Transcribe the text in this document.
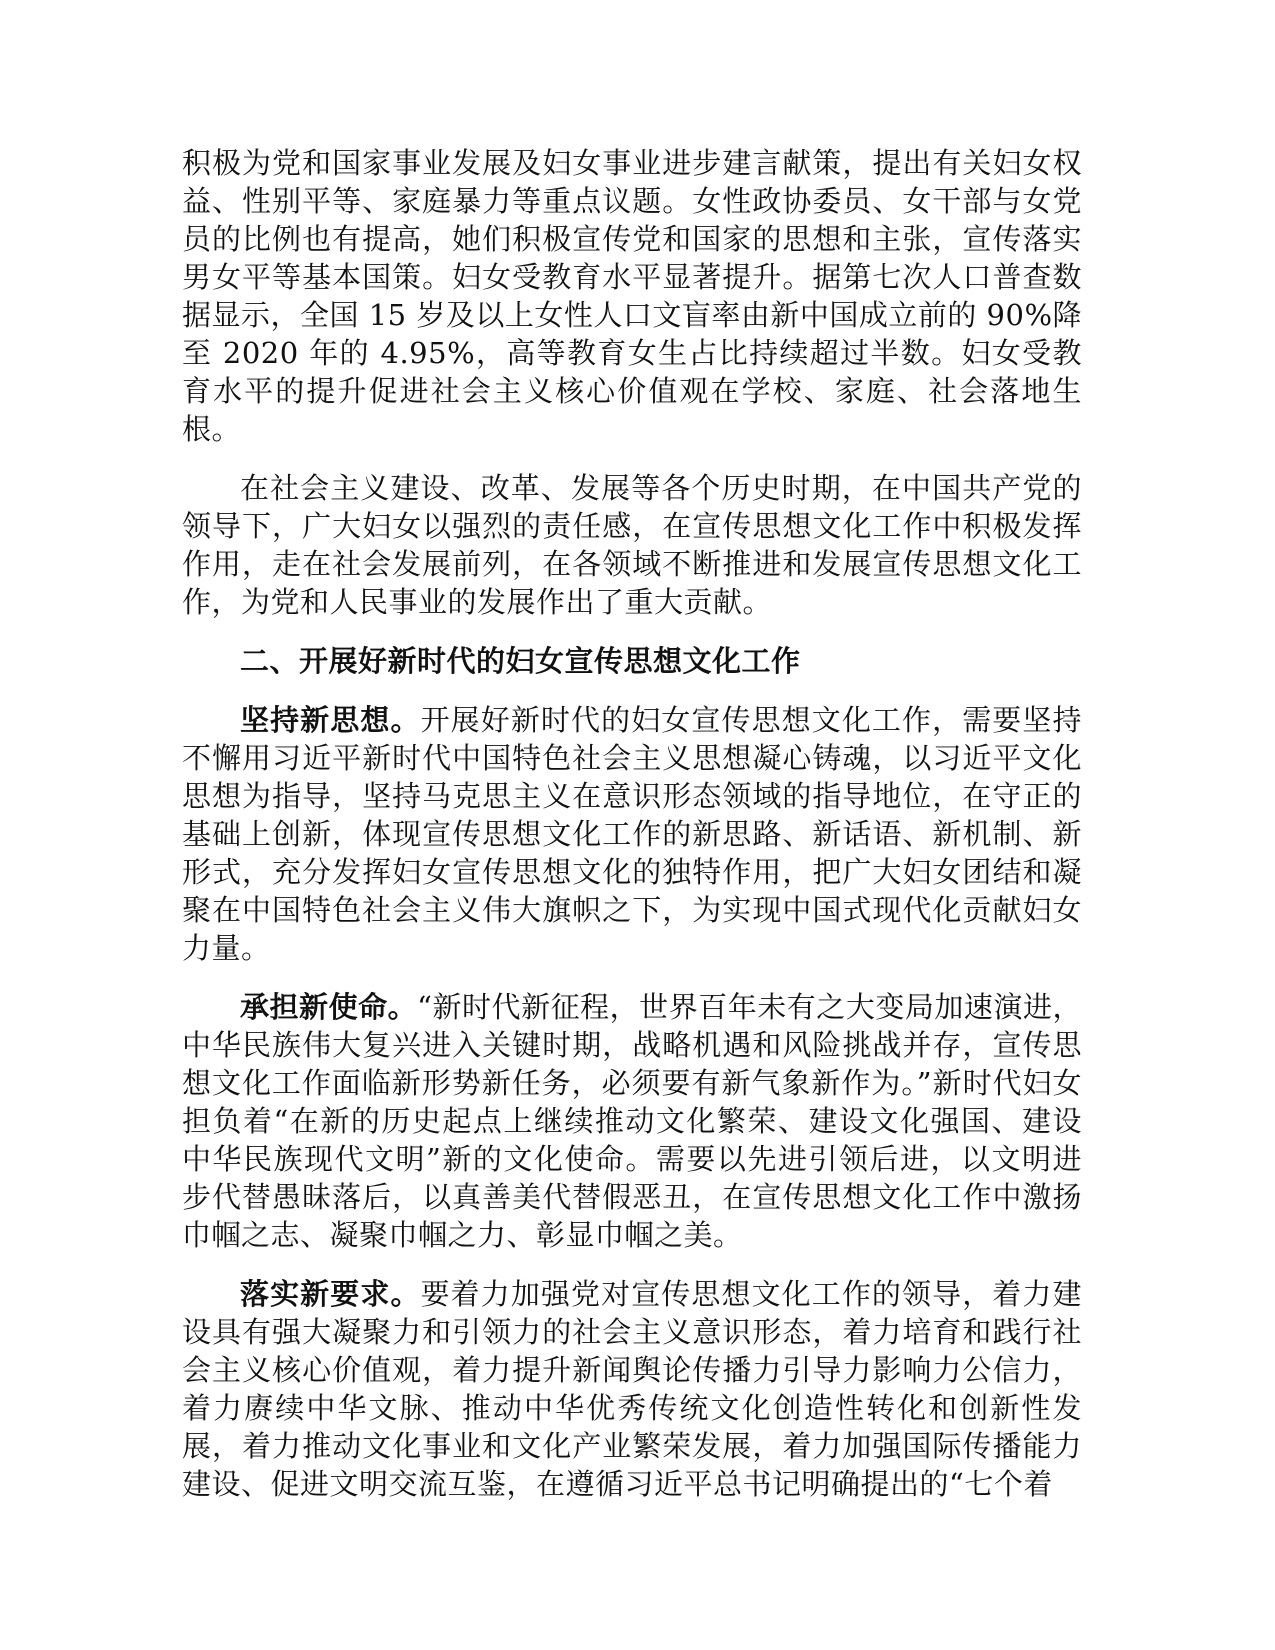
积极为党和国家事业发展及妇女事业进步建言献策，提出有关妇女权益、性别平等、家庭暴力等重点议题。女性政协委员、女干部与女党员的比例也有提高，她们积极宣传党和国家的思想和主张，宣传落实男女平等基本国策。妇女受教育水平显著提升。据第七次人口普查数据显示，全国 15 岁及以上女性人口文盲率由新中国成立前的 90%降至 2020 年的 4.95%，高等教育女生占比持续超过半数。妇女受教育水平的提升促进社会主义核心价值观在学校、家庭、社会落地生根。

在社会主义建设、改革、发展等各个历史时期，在中国共产党的领导下，广大妇女以强烈的责任感，在宣传思想文化工作中积极发挥作用，走在社会发展前列，在各领域不断推进和发展宣传思想文化工作，为党和人民事业的发展作出了重大贡献。

二、开展好新时代的妇女宣传思想文化工作

坚持新思想。开展好新时代的妇女宣传思想文化工作，需要坚持不懈用习近平新时代中国特色社会主义思想凝心铸魂，以习近平文化思想为指导，坚持马克思主义在意识形态领域的指导地位，在守正的基础上创新，体现宣传思想文化工作的新思路、新话语、新机制、新形式，充分发挥妇女宣传思想文化的独特作用，把广大妇女团结和凝聚在中国特色社会主义伟大旗帜之下，为实现中国式现代化贡献妇女力量。

承担新使命。“新时代新征程，世界百年未有之大变局加速演进，中华民族伟大复兴进入关键时期，战略机遇和风险挑战并存，宣传思想文化工作面临新形势新任务，必须要有新气象新作为。”新时代妇女担负着“在新的历史起点上继续推动文化繁荣、建设文化强国、建设中华民族现代文明”新的文化使命。需要以先进引领后进，以文明进步代替愚昧落后，以真善美代替假恶丑，在宣传思想文化工作中激扬巾帼之志、凝聚巾帼之力、彰显巾帼之美。

落实新要求。要着力加强党对宣传思想文化工作的领导，着力建设具有强大凝聚力和引领力的社会主义意识形态，着力培育和践行社会主义核心价值观，着力提升新闻舆论传播力引导力影响力公信力，着力赓续中华文脉、推动中华优秀传统文化创造性转化和创新性发展，着力推动文化事业和文化产业繁荣发展，着力加强国际传播能力建设、促进文明交流互鉴，在遵循习近平总书记明确提出的“七个着
